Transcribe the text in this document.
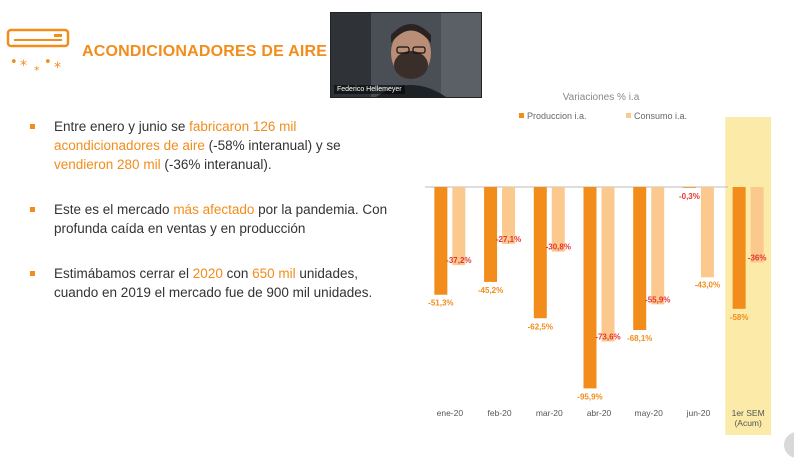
• * *
• *
ACONDICIONADORES DE AIRE
Federico Hellemeyer
Entre enero y junio se fabricaron 126 mil acondicionadores de aire (-58% interanual) y se vendieron 280 mil (-36% interanual).
Este es el mercado más afectado por la pandemia. Con profunda caída en ventas y en producción
Estimábamos cerrar el 2020 con 650 mil unidades, cuando en 2019 el mercado fue de 900 mil unidades.
Variaciones % i.a
Produccion i.a.	Consumo i.a.
-51,3%
-37,2%
ene-20
-45,2%
-27,1%
feb-20
-62,5%
-30,8%
mar-20
-95,9%
-73,6%
abr-20
-68,1%
-55,9%
may-20
-0,3%
-43,0%
jun-20
-58%
-36%
1er SEM
(Acum)
